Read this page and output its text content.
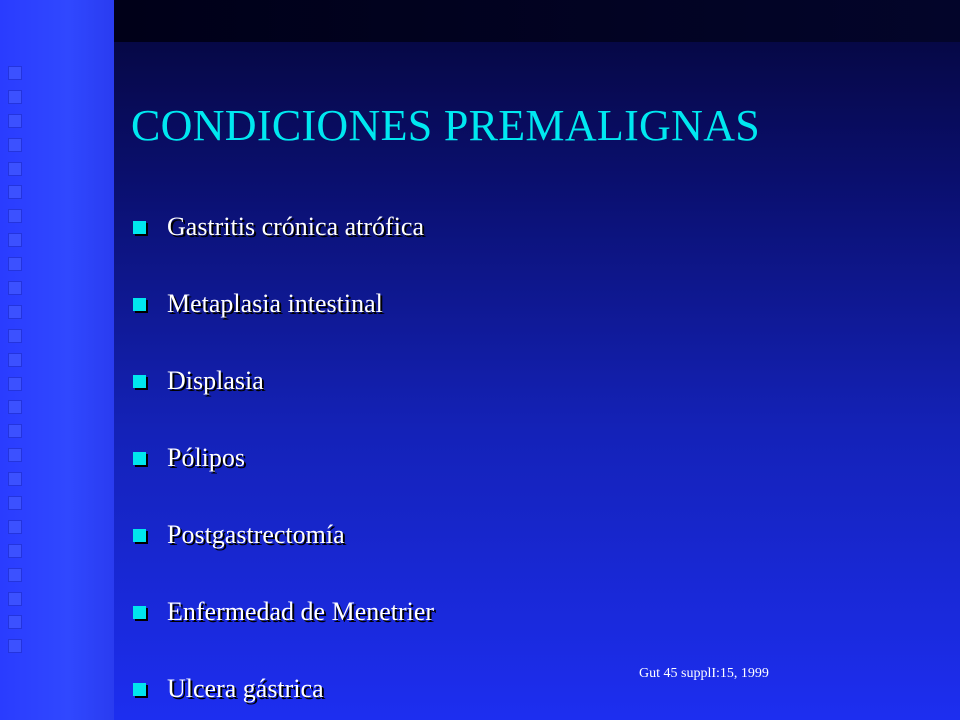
CONDICIONES PREMALIGNAS
Gastritis crónica atrófica
Metaplasia intestinal
Displasia
Pólipos
Postgastrectomía
Enfermedad de Menetrier
Ulcera gástrica
Gut 45 supplI:15, 1999
